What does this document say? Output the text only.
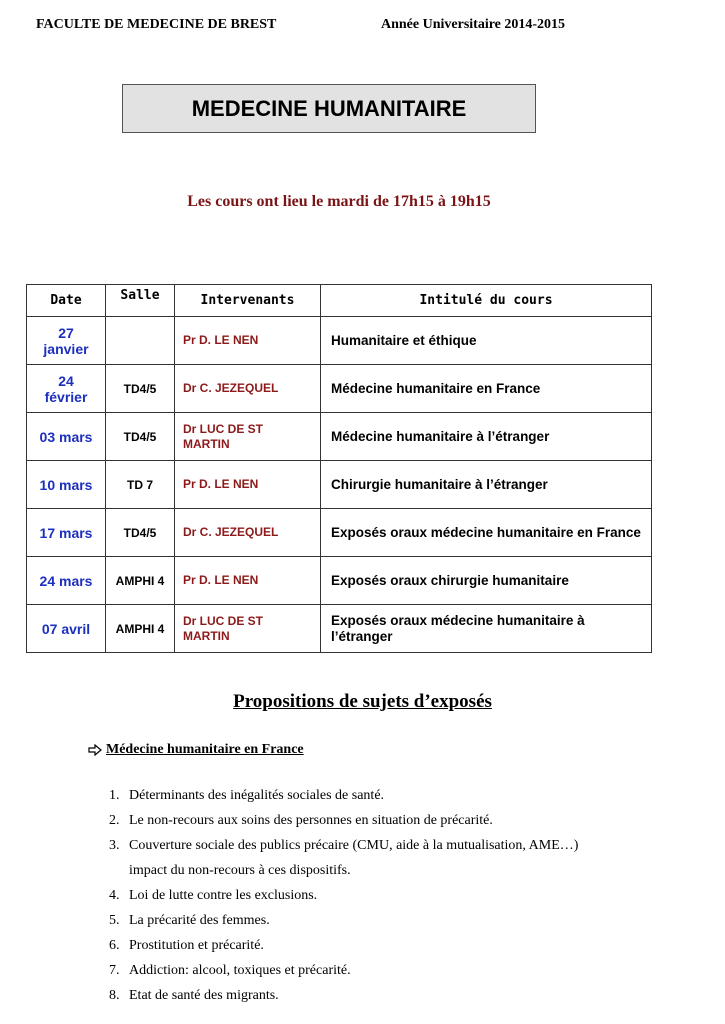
FACULTE DE MEDECINE DE BREST	Année Universitaire 2014-2015
MEDECINE HUMANITAIRE
Les cours ont lieu le mardi de 17h15 à 19h15
Date	Salle	Intervenants	Intitulé du cours
27 janvier		Pr D. LE NEN	Humanitaire et éthique
24 février	TD4/5	Dr C. JEZEQUEL	Médecine humanitaire en France
03 mars	TD4/5	Dr LUC DE ST MARTIN	Médecine humanitaire à l’étranger
10 mars	TD 7	Pr D. LE NEN	Chirurgie humanitaire à l’étranger
17 mars	TD4/5	Dr C. JEZEQUEL	Exposés oraux médecine humanitaire en France
24 mars	AMPHI 4	Pr D. LE NEN	Exposés oraux chirurgie humanitaire
07 avril	AMPHI 4	Dr LUC DE ST MARTIN	Exposés oraux médecine humanitaire à l’étranger
Propositions de sujets d’exposés
Médecine humanitaire en France
1. Déterminants des inégalités sociales de santé.
2. Le non-recours aux soins des personnes en situation de précarité.
3. Couverture sociale des publics précaire (CMU, aide à la mutualisation, AME…)
impact du non-recours à ces dispositifs.
4. Loi de lutte contre les exclusions.
5. La précarité des femmes.
6. Prostitution et précarité.
7. Addiction: alcool, toxiques et précarité.
8. Etat de santé des migrants.
